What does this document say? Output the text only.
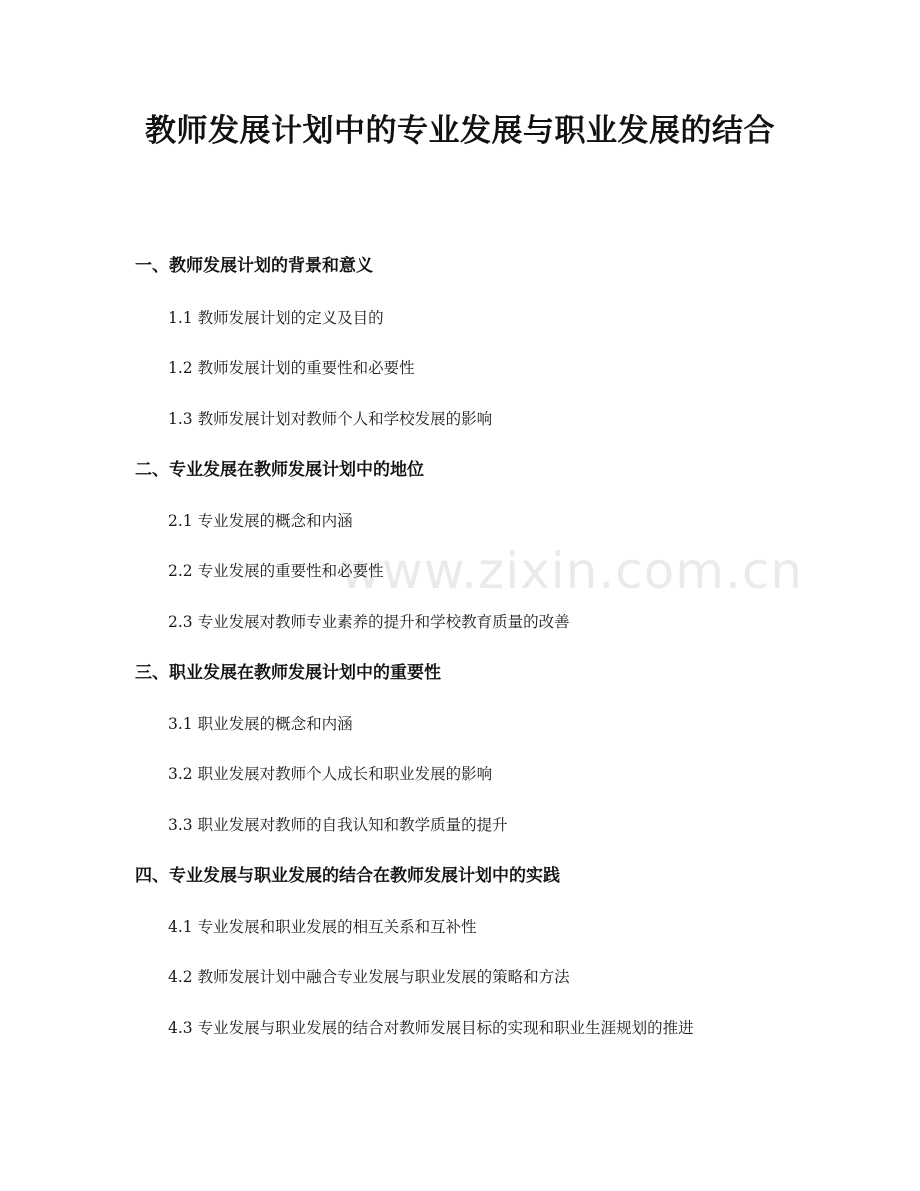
教师发展计划中的专业发展与职业发展的结合
www.zixin.com.cn
一、教师发展计划的背景和意义
1.1 教师发展计划的定义及目的
1.2 教师发展计划的重要性和必要性
1.3 教师发展计划对教师个人和学校发展的影响
二、专业发展在教师发展计划中的地位
2.1 专业发展的概念和内涵
2.2 专业发展的重要性和必要性
2.3 专业发展对教师专业素养的提升和学校教育质量的改善
三、职业发展在教师发展计划中的重要性
3.1 职业发展的概念和内涵
3.2 职业发展对教师个人成长和职业发展的影响
3.3 职业发展对教师的自我认知和教学质量的提升
四、专业发展与职业发展的结合在教师发展计划中的实践
4.1 专业发展和职业发展的相互关系和互补性
4.2 教师发展计划中融合专业发展与职业发展的策略和方法
4.3 专业发展与职业发展的结合对教师发展目标的实现和职业生涯规划的推进
